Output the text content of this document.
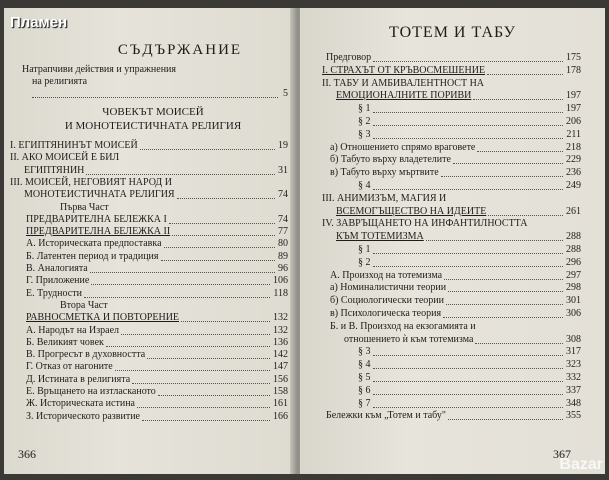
Пламен
СЪДЪРЖАНИЕ
Натрапчиви действия и упражнения
на религията
5
ЧОВЕКЪТ МОИСЕЙ
И МОНОТЕИСТИЧНАТА РЕЛИГИЯ
I. ЕГИПТЯНИНЪТ МОИСЕЙ	19
II. АКО МОИСЕЙ Е БИЛ
ЕГИПТЯНИН	31
III. МОИСЕЙ, НЕГОВИЯТ НАРОД И
МОНОТЕИСТИЧНАТА РЕЛИГИЯ	74
Първа Част
ПРЕДВАРИТЕЛНА БЕЛЕЖКА I	74
ПРЕДВАРИТЕЛНА БЕЛЕЖКА II	77
А. Историческата предпоставка	80
Б. Латентен период и традиция	89
В. Аналогията	96
Г. Приложение	106
Е. Трудности	118
Втора Част
РАВНОСМЕТКА И ПОВТОРЕНИЕ	132
А. Народът на Израел	132
Б. Великият човек	136
В. Прогресът в духовността	142
Г. Отказ от нагоните	147
Д. Истината в религията	156
Е. Връщането на изтласканото	158
Ж. Историческата истина	161
З. Историческото развитие	166
366
ТОТЕМ И ТАБУ
Предговор	175
I. СТРАХЪТ ОТ КРЪВОСМЕШЕНИЕ	178
II. ТАБУ И АМБИВАЛЕНТНОСТ НА
ЕМОЦИОНАЛНИТЕ ПОРИВИ	197
§ 1	197
§ 2	206
§ 3	211
а) Отношението спрямо враговете	218
б) Табуто върху владетелите	229
в) Табуто върху мъртвите	236
§ 4	249
III. АНИМИЗЪМ, МАГИЯ И
ВСЕМОГЪЩЕСТВО НА ИДЕИТЕ	261
IV. ЗАВРЪЩАНЕТО НА ИНФАНТИЛНОСТТА
КЪМ ТОТЕМИЗМА	288
§ 1	288
§ 2	296
А. Произход на тотемизма	297
а) Номиналистични теории	298
б) Социологически теории	301
в) Психологическа теория	306
Б. и В. Произход на екзогамията и
отношението ѝ към тотемизма	308
§ 3	317
§ 4	323
§ 5	332
§ 6	337
§ 7	348
Бележки към „Тотем и табу"	355
367
Bazar
